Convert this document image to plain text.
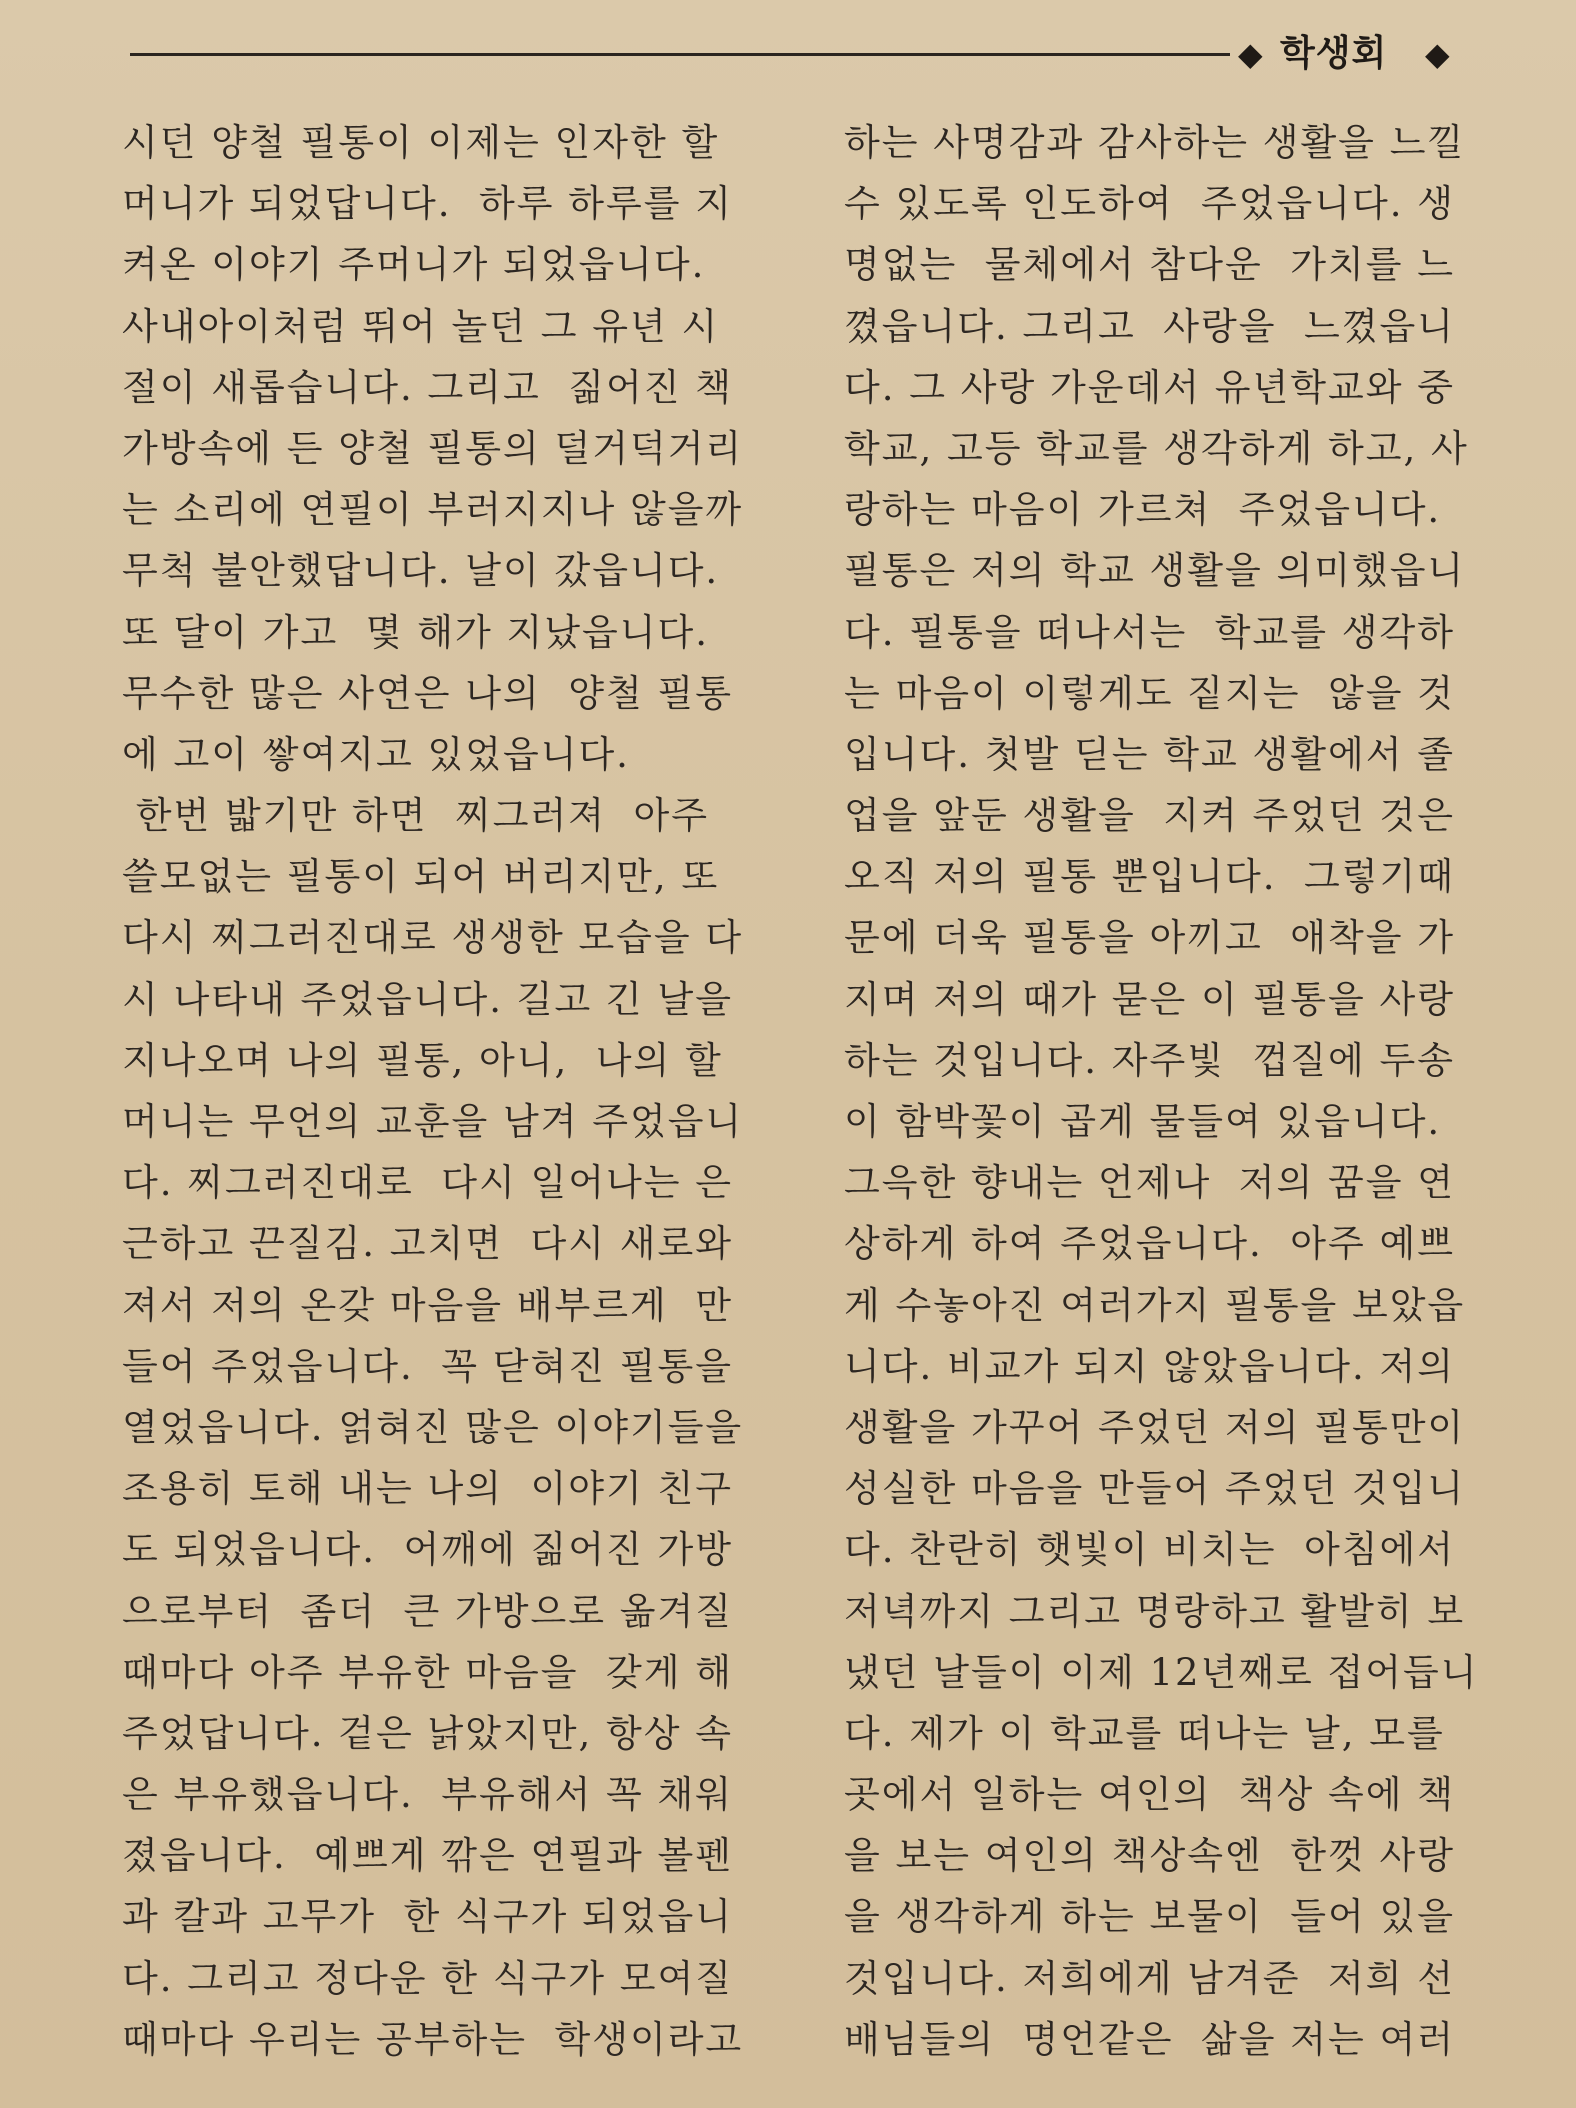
◆ 학생회 ◆
시던 양철 필통이 이제는 인자한 할
머니가 되었답니다.  하루 하루를 지
켜온 이야기 주머니가 되었읍니다.
사내아이처럼 뛰어 놀던 그 유년 시
절이 새롭습니다. 그리고  짊어진 책
가방속에 든 양철 필통의 덜거덕거리
는 소리에 연필이 부러지지나 않을까
무척 불안했답니다. 날이 갔읍니다.
또 달이 가고  몇 해가 지났읍니다.
무수한 많은 사연은 나의  양철 필통
에 고이 쌓여지고 있었읍니다.
한번 밟기만 하면  찌그러져  아주
쓸모없는 필통이 되어 버리지만, 또
다시 찌그러진대로 생생한 모습을 다
시 나타내 주었읍니다. 길고 긴 날을
지나오며 나의 필통, 아니,  나의 할
머니는 무언의 교훈을 남겨 주었읍니
다. 찌그러진대로  다시 일어나는 은
근하고 끈질김. 고치면  다시 새로와
져서 저의 온갖 마음을 배부르게  만
들어 주었읍니다.  꼭 닫혀진 필통을
열었읍니다. 얽혀진 많은 이야기들을
조용히 토해 내는 나의  이야기 친구
도 되었읍니다.  어깨에 짊어진 가방
으로부터  좀더  큰 가방으로 옮겨질
때마다 아주 부유한 마음을  갖게 해
주었답니다. 겉은 낡았지만, 항상 속
은 부유했읍니다.  부유해서 꼭 채워
졌읍니다.  예쁘게 깎은 연필과 볼펜
과 칼과 고무가  한 식구가 되었읍니
다. 그리고 정다운 한 식구가 모여질
때마다 우리는 공부하는  학생이라고
하는 사명감과 감사하는 생활을 느낄
수 있도록 인도하여  주었읍니다. 생
명없는  물체에서 참다운  가치를 느
꼈읍니다. 그리고  사랑을  느꼈읍니
다. 그 사랑 가운데서 유년학교와 중
학교, 고등 학교를 생각하게 하고, 사
랑하는 마음이 가르쳐  주었읍니다.
필통은 저의 학교 생활을 의미했읍니
다. 필통을 떠나서는  학교를 생각하
는 마음이 이렇게도 짙지는  않을 것
입니다. 첫발 딛는 학교 생활에서 졸
업을 앞둔 생활을  지켜 주었던 것은
오직 저의 필통 뿐입니다.  그렇기때
문에 더욱 필통을 아끼고  애착을 가
지며 저의 때가 묻은 이 필통을 사랑
하는 것입니다. 자주빛  껍질에 두송
이 함박꽃이 곱게 물들여 있읍니다.
그윽한 향내는 언제나  저의 꿈을 연
상하게 하여 주었읍니다.  아주 예쁘
게 수놓아진 여러가지 필통을 보았읍
니다. 비교가 되지 않았읍니다. 저의
생활을 가꾸어 주었던 저의 필통만이
성실한 마음을 만들어 주었던 것입니
다. 찬란히 햇빛이 비치는  아침에서
저녁까지 그리고 명랑하고 활발히 보
냈던 날들이 이제 12년째로 접어듭니
다. 제가 이 학교를 떠나는 날, 모를
곳에서 일하는 여인의  책상 속에 책
을 보는 여인의 책상속엔  한껏 사랑
을 생각하게 하는 보물이  들어 있을
것입니다. 저희에게 남겨준  저희 선
배님들의  명언같은  삶을 저는 여러
